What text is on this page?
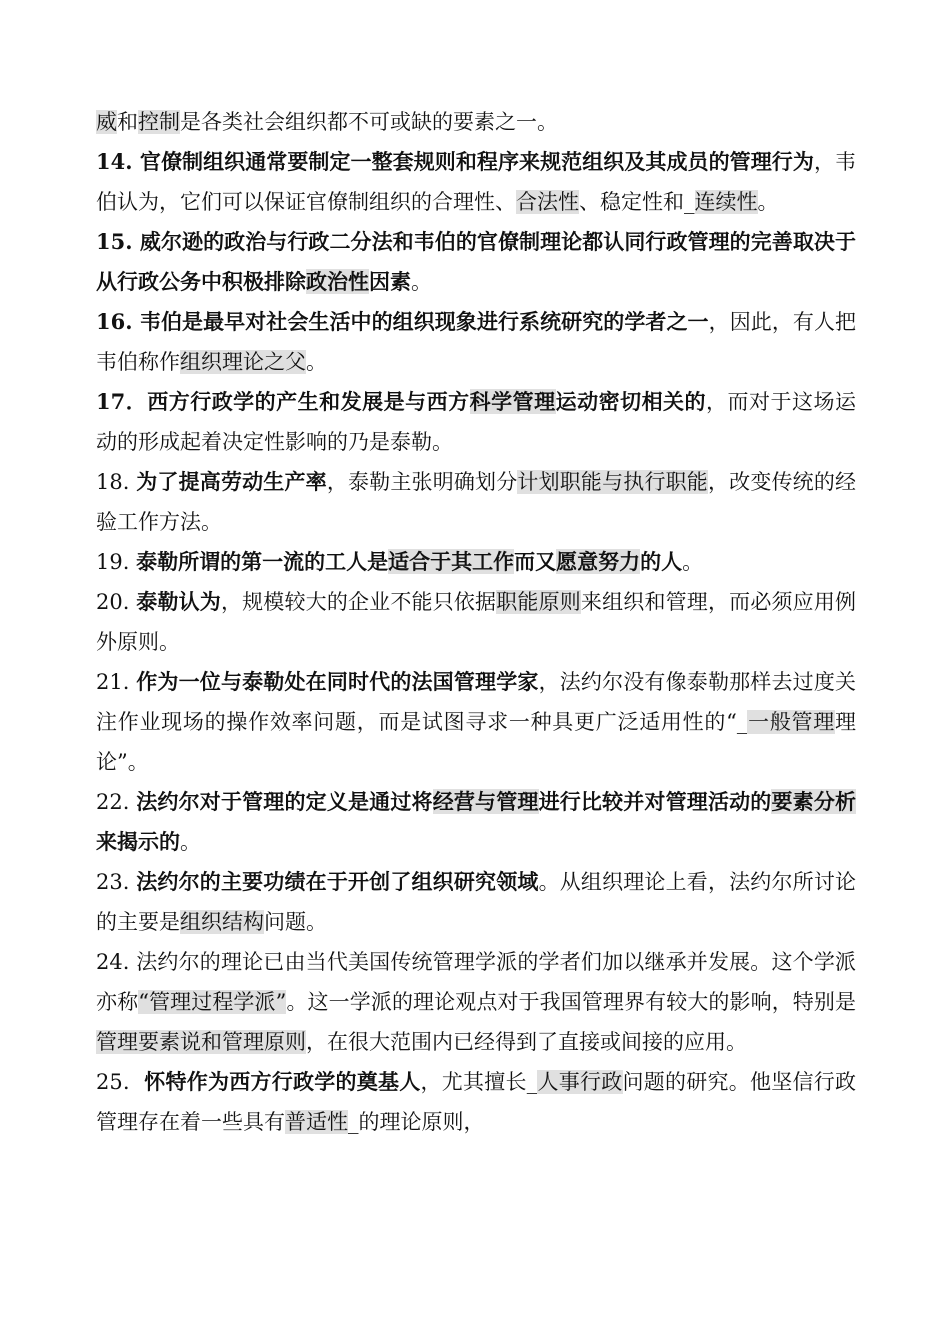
威和控制是各类社会组织都不可或缺的要素之一。
14. 官僚制组织通常要制定一整套规则和程序来规范组织及其成员的管理行为，韦伯认为，它们可以保证官僚制组织的合理性、合法性、稳定性和_连续性。
15. 威尔逊的政治与行政二分法和韦伯的官僚制理论都认同行政管理的完善取决于从行政公务中积极排除政治性因素。
16. 韦伯是最早对社会生活中的组织现象进行系统研究的学者之一，因此，有人把韦伯称作组织理论之父。
17．西方行政学的产生和发展是与西方科学管理运动密切相关的，而对于这场运动的形成起着决定性影响的乃是泰勒。
18. 为了提高劳动生产率，泰勒主张明确划分计划职能与执行职能，改变传统的经验工作方法。
19. 泰勒所谓的第一流的工人是适合于其工作而又愿意努力的人。
20. 泰勒认为，规模较大的企业不能只依据职能原则来组织和管理，而必须应用例外原则。
21. 作为一位与泰勒处在同时代的法国管理学家，法约尔没有像泰勒那样去过度关注作业现场的操作效率问题，而是试图寻求一种具更广泛适用性的“_一般管理理论”。
22. 法约尔对于管理的定义是通过将经营与管理进行比较并对管理活动的要素分析来揭示的。
23. 法约尔的主要功绩在于开创了组织研究领域。从组织理论上看，法约尔所讨论的主要是组织结构问题。
24. 法约尔的理论已由当代美国传统管理学派的学者们加以继承并发展。这个学派亦称“管理过程学派”。这一学派的理论观点对于我国管理界有较大的影响，特别是管理要素说和管理原则，在很大范围内已经得到了直接或间接的应用。
25．怀特作为西方行政学的奠基人，尤其擅长_人事行政问题的研究。他坚信行政管理存在着一些具有普适性_的理论原则，
